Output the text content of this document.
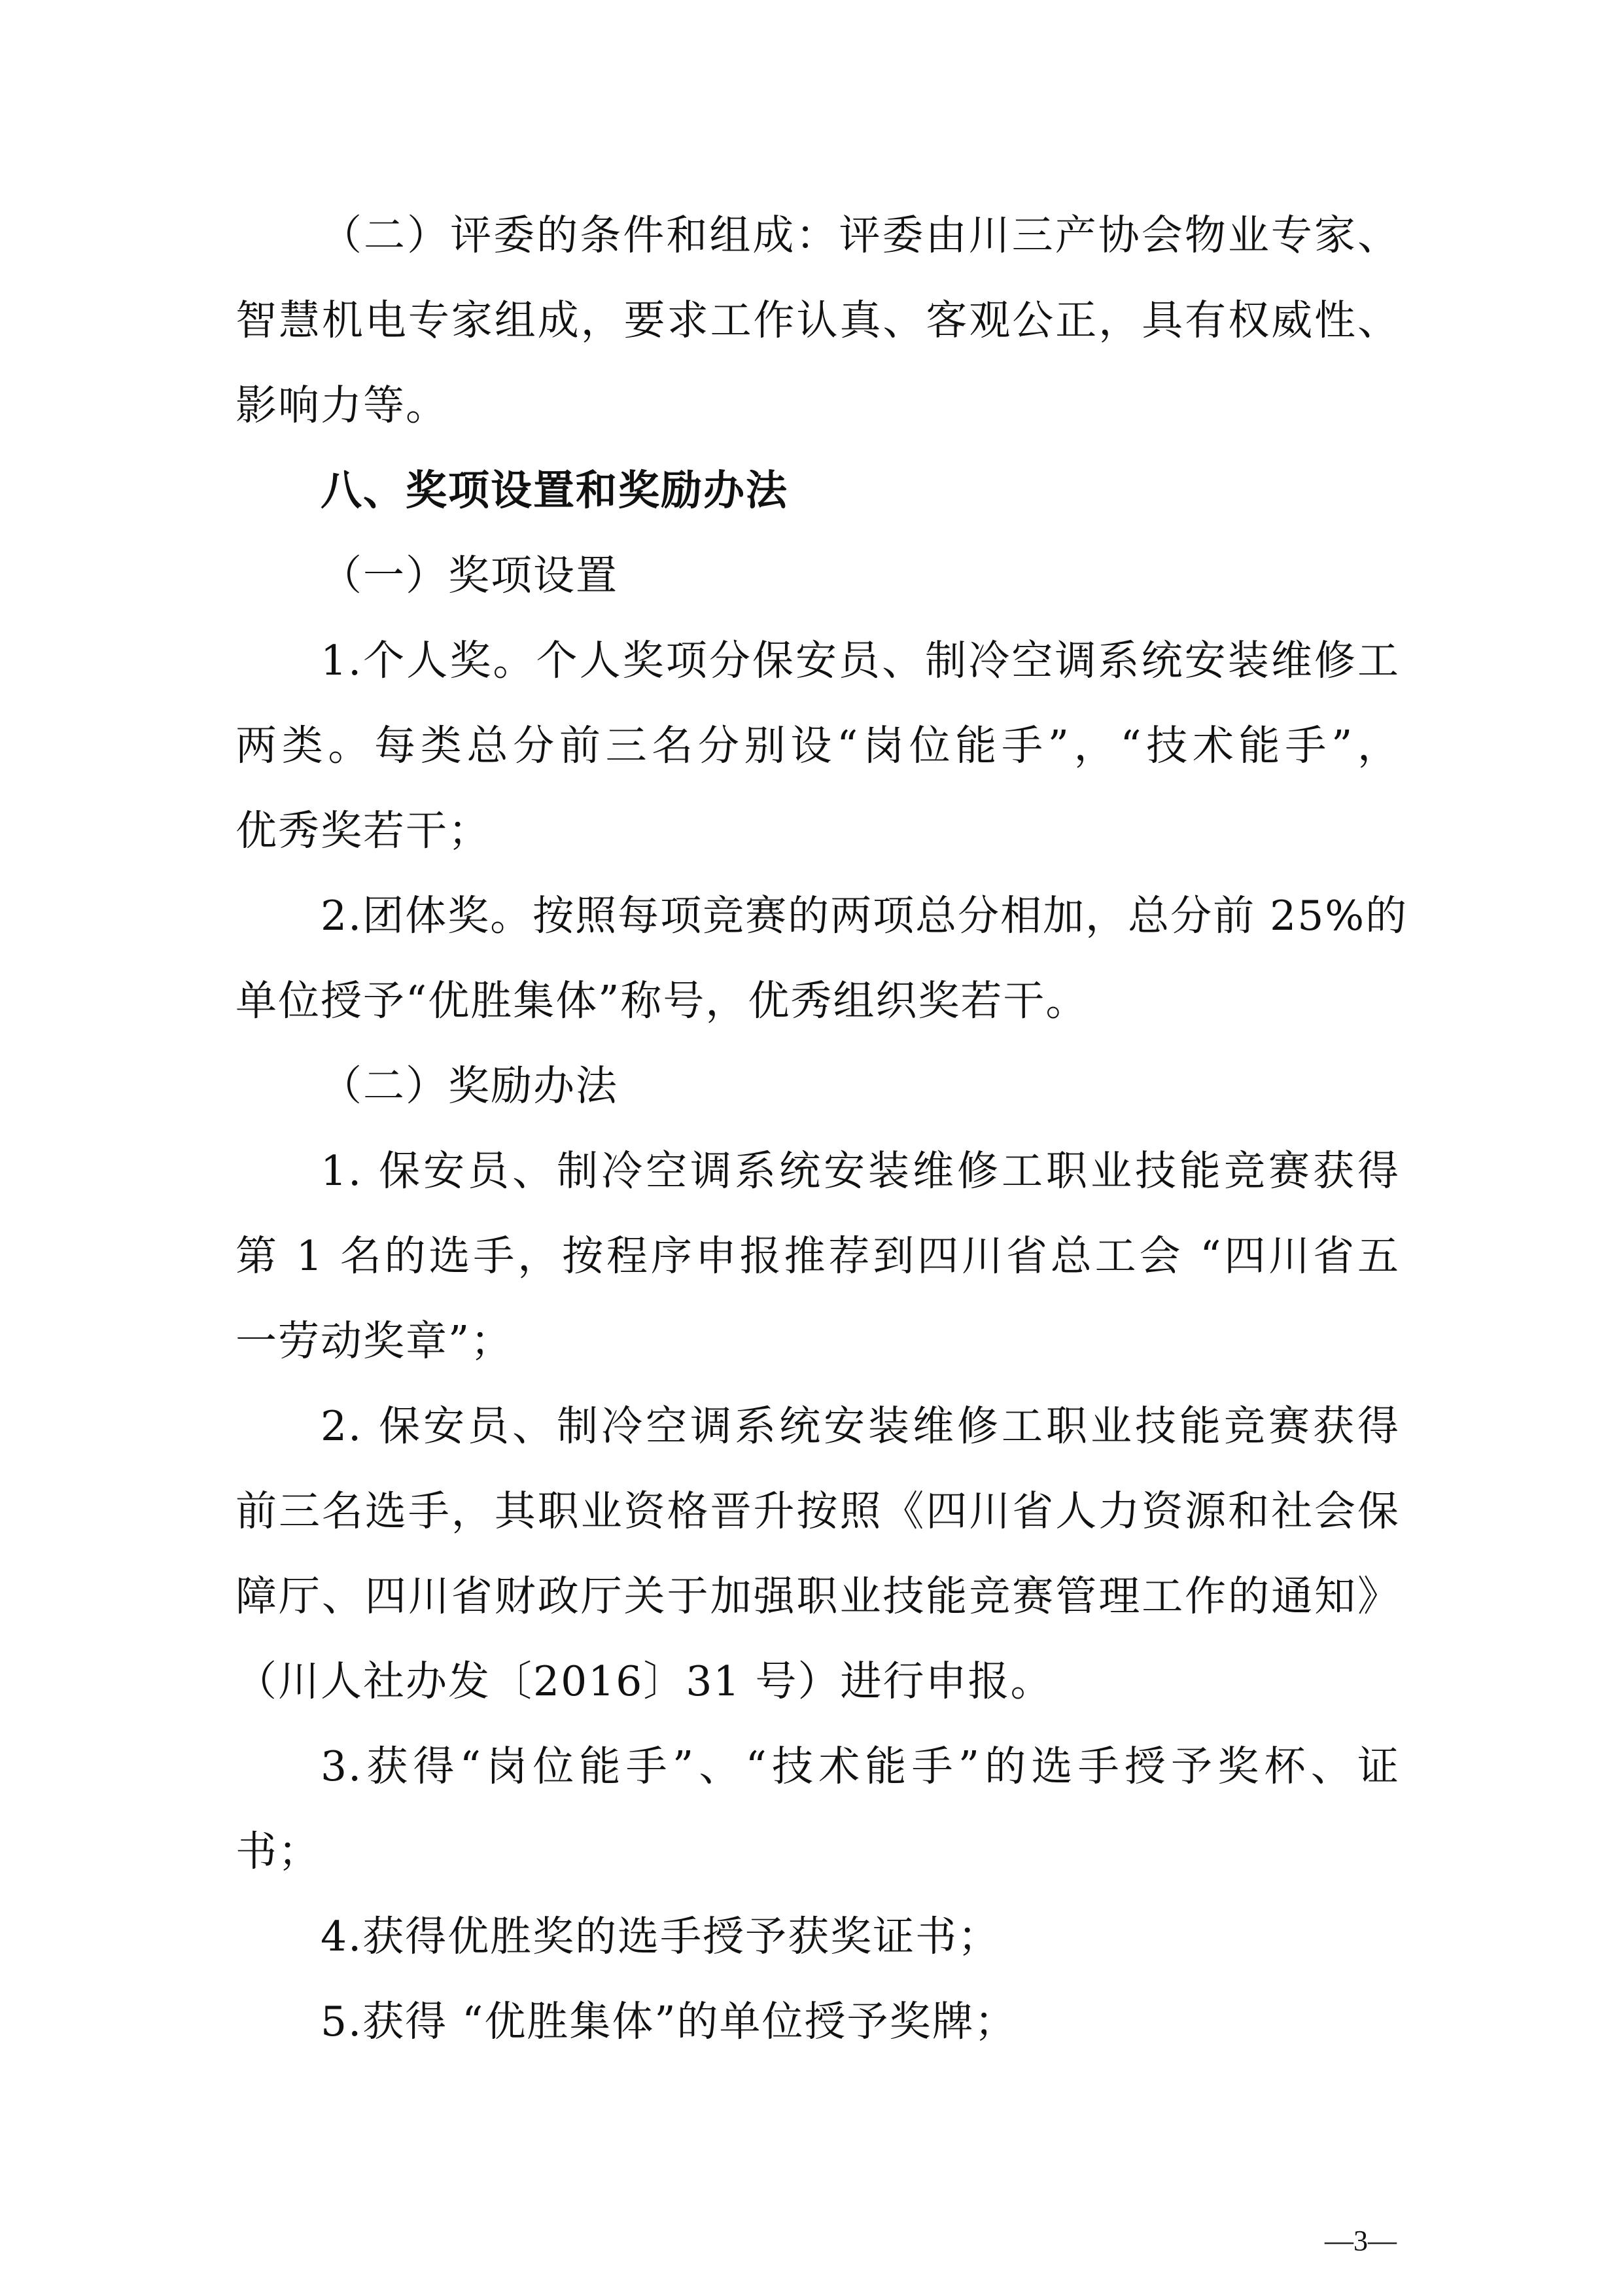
（二）评委的条件和组成：评委由川三产协会物业专家、
智慧机电专家组成，要求工作认真、客观公正，具有权威性、
影响力等。
八、奖项设置和奖励办法
（一）奖项设置
1.个人奖。个人奖项分保安员、制冷空调系统安装维修工
两类。每类总分前三名分别设“岗位能手”，“技术能手”，
优秀奖若干；
2.团体奖。按照每项竞赛的两项总分相加，总分前 25%的
单位授予“优胜集体”称号，优秀组织奖若干。
（二）奖励办法
1. 保安员、制冷空调系统安装维修工职业技能竞赛获得
第 1 名的选手，按程序申报推荐到四川省总工会 “四川省五
一劳动奖章”；
2. 保安员、制冷空调系统安装维修工职业技能竞赛获得
前三名选手，其职业资格晋升按照《四川省人力资源和社会保
障厅、四川省财政厅关于加强职业技能竞赛管理工作的通知》
（川人社办发〔2016〕31 号）进行申报。
3.获得“岗位能手”、“技术能手”的选手授予奖杯、证
书；
4.获得优胜奖的选手授予获奖证书；
5.获得 “优胜集体”的单位授予奖牌；
—3—
